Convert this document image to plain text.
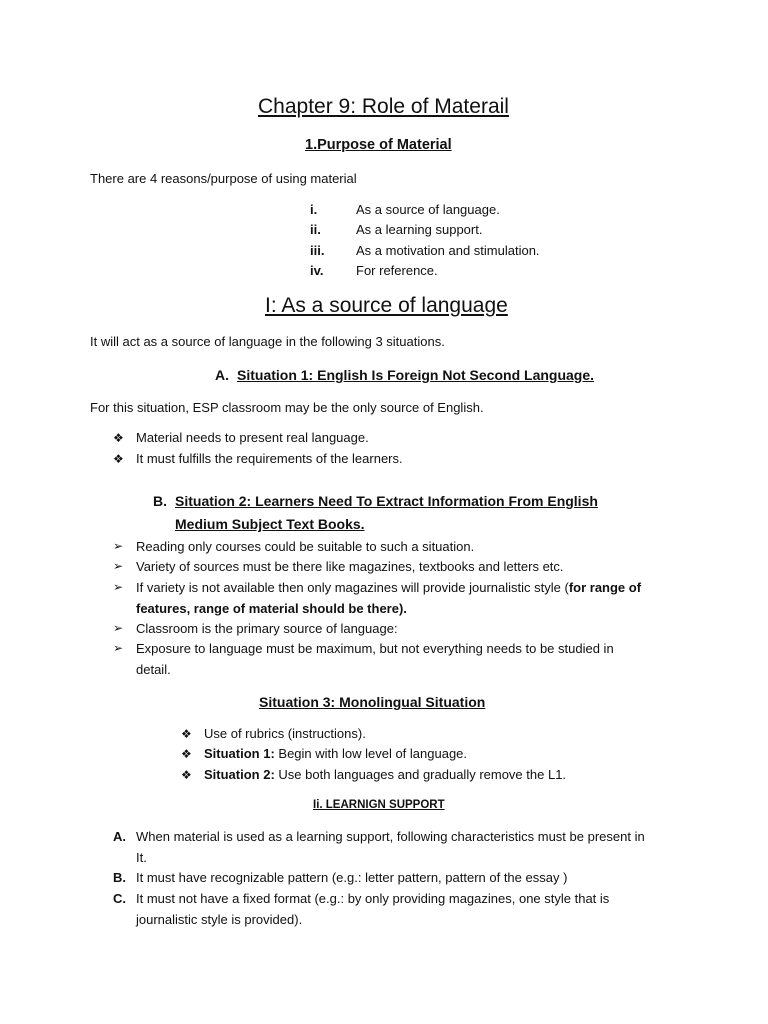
Chapter 9: Role of Materail
1.Purpose of Material
There are 4 reasons/purpose of using material
i.	As a source of language.
ii.	As a learning support.
iii. As a motivation and stimulation.
iv.	For reference.
I: As a source of language
It will act as a source of language in the following 3 situations.
A. Situation 1: English Is Foreign Not Second Language.
For this situation, ESP classroom may be the only source of English.
❖ Material needs to present real language.
❖ It must fulfills the requirements of the learners.
B. Situation 2: Learners Need To Extract Information From English
Medium Subject Text Books.
➢ Reading only courses could be suitable to such a situation.
➢ Variety of sources must be there like magazines, textbooks and letters etc.
➢ If variety is not available then only magazines will provide journalistic style (for range of
features, range of material should be there).
➢ Classroom is the primary source of language:
➢ Exposure to language must be maximum, but not everything needs to be studied in
detail.
Situation 3: Monolingual Situation
❖ Use of rubrics (instructions).
❖ Situation 1: Begin with low level of language.
❖ Situation 2: Use both languages and gradually remove the L1.
Ii. LEARNIGN SUPPORT
A. When material is used as a learning support, following characteristics must be present in
It.
B. It must have recognizable pattern (e.g.: letter pattern, pattern of the essay )
C. It must not have a fixed format (e.g.: by only providing magazines, one style that is
journalistic style is provided).
